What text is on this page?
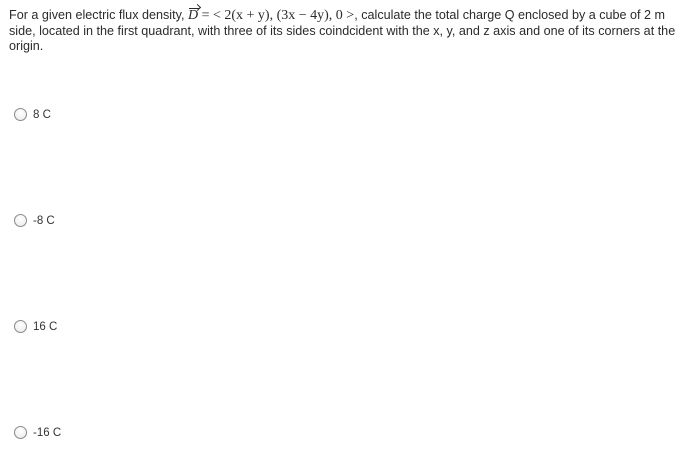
For a given electric flux density, D = < 2(x + y), (3x − 4y), 0 >, calculate the total charge Q enclosed by a cube of 2 m side, located in the first quadrant, with three of its sides coindcident with the x, y, and z axis and one of its corners at the origin.
8 C
-8 C
16 C
-16 C
